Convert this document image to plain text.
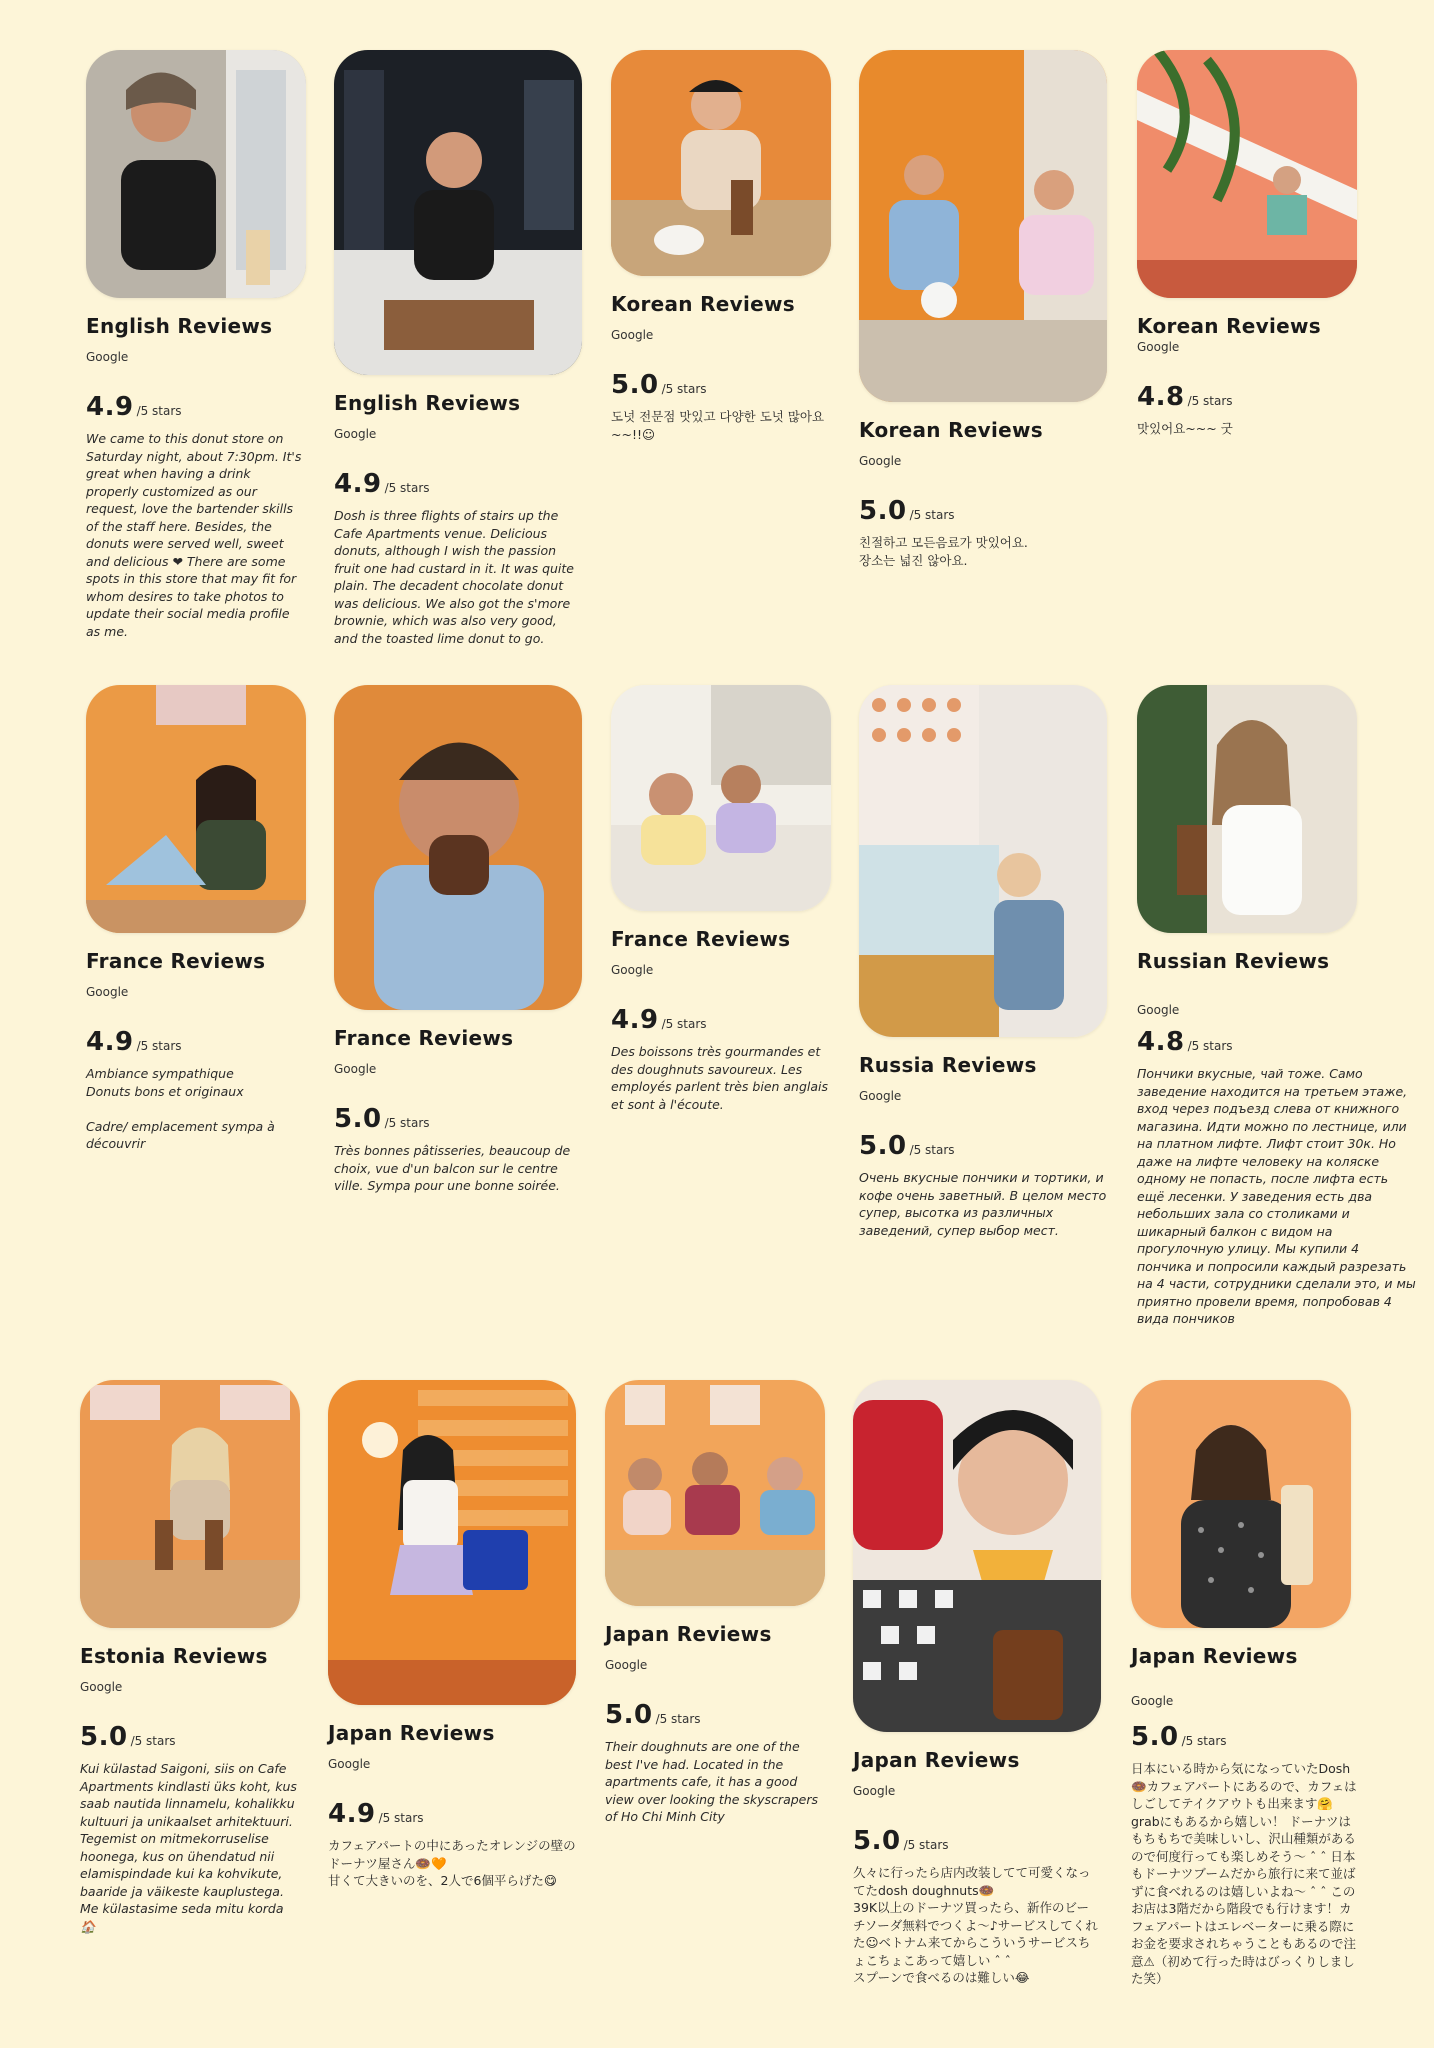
English Reviews
Google
4.9 /5 stars
We came to this donut store on Saturday night, about 7:30pm. It's great when having a drink properly customized as our request, love the bartender skills of the staff here. Besides, the donuts were served well, sweet and delicious ❤ There are some spots in this store that may fit for whom desires to take photos to update their social media profile as me.
English Reviews
Google
4.9 /5 stars
Dosh is three flights of stairs up the Cafe Apartments venue. Delicious donuts, although I wish the passion fruit one had custard in it. It was quite plain. The decadent chocolate donut was delicious. We also got the s'more brownie, which was also very good, and the toasted lime donut to go.
Korean Reviews
Google
5.0 /5 stars
도넛 전문점 맛있고 다양한 도넛 많아요 ~~!!☺	Korean Reviews
Google
5.0 /5 stars
친절하고 모든음료가 맛있어요.
장소는 넓진 않아요.
Korean Reviews
Google
4.8 /5 stars
맛있어요~~~ 굿
France Reviews
Google
4.9 /5 stars
Ambiance sympathique
Donuts bons et originaux

Cadre/ emplacement sympa à découvrir
France Reviews
Google
5.0 /5 stars
Très bonnes pâtisseries, beaucoup de choix, vue d'un balcon sur le centre ville. Sympa pour une bonne soirée.
France Reviews
Google
4.9 /5 stars
Des boissons très gourmandes et des doughnuts savoureux. Les employés parlent très bien anglais et sont à l'écoute.
Russia Reviews
Google
5.0 /5 stars
Очень вкусные пончики и тортики, и кофе очень заветный. В целом место супер, высотка из различных заведений, супер выбор мест.
Russian Reviews
Google
4.8 /5 stars
Пончики вкусные, чай тоже. Само заведение находится на третьем этаже, вход через подъезд слева от книжного магазина. Идти можно по лестнице, или на платном лифте. Лифт стоит 30к. Но даже на лифте человеку на коляске одному не попасть, после лифта есть ещё лесенки. У заведения есть два небольших зала со столиками и шикарный балкон с видом на прогулочную улицу. Мы купили 4 пончика и попросили каждый разрезать на 4 части, сотрудники сделали это, и мы приятно провели время, попробовав 4 вида пончиков
Estonia Reviews
Google
5.0 /5 stars
Kui külastad Saigoni, siis on Cafe Apartments kindlasti üks koht, kus saab nautida linnamelu, kohalikku kultuuri ja unikaalset arhitektuuri.
Tegemist on mitmekorruselise hoonega, kus on ühendatud nii elamispindade kui ka kohvikute, baaride ja väikeste kauplustega. Me külastasime seda mitu korda 🏠
Japan Reviews
Google
4.9 /5 stars
カフェアパートの中にあったオレンジの壁のドーナツ屋さん🍩🧡
甘くて大きいのを、2人で6個平らげた😋
Japan Reviews
Google
5.0 /5 stars
Their doughnuts are one of the best I've had. Located in the apartments cafe, it has a good view over looking the skyscrapers of Ho Chi Minh City
Japan Reviews
Google
5.0 /5 stars
久々に行ったら店内改装してて可愛くなってたdosh doughnuts🍩
39K以上のドーナツ買ったら、新作のビーチソーダ無料でつくよ〜♪サービスしてくれた☺ベトナム来てからこういうサービスちょこちょこあって嬉しい ˆ ˆ
スプーンで食べるのは難しい😂
Japan Reviews
Google
5.0 /5 stars
日本にいる時から気になっていたDosh🍩カフェアパートにあるので、カフェはしごしてテイクアウトも出来ます🤗grabにもあるから嬉しい！ ドーナツはもちもちで美味しいし、沢山種類があるので何度行っても楽しめそう〜 ˆ ˆ 日本もドーナツブームだから旅行に来て並ばずに食べれるのは嬉しいよね〜 ˆ ˆ このお店は3階だから階段でも行けます！カフェアパートはエレベーターに乗る際にお金を要求されちゃうこともあるので注意⚠（初めて行った時はびっくりしました笑）
